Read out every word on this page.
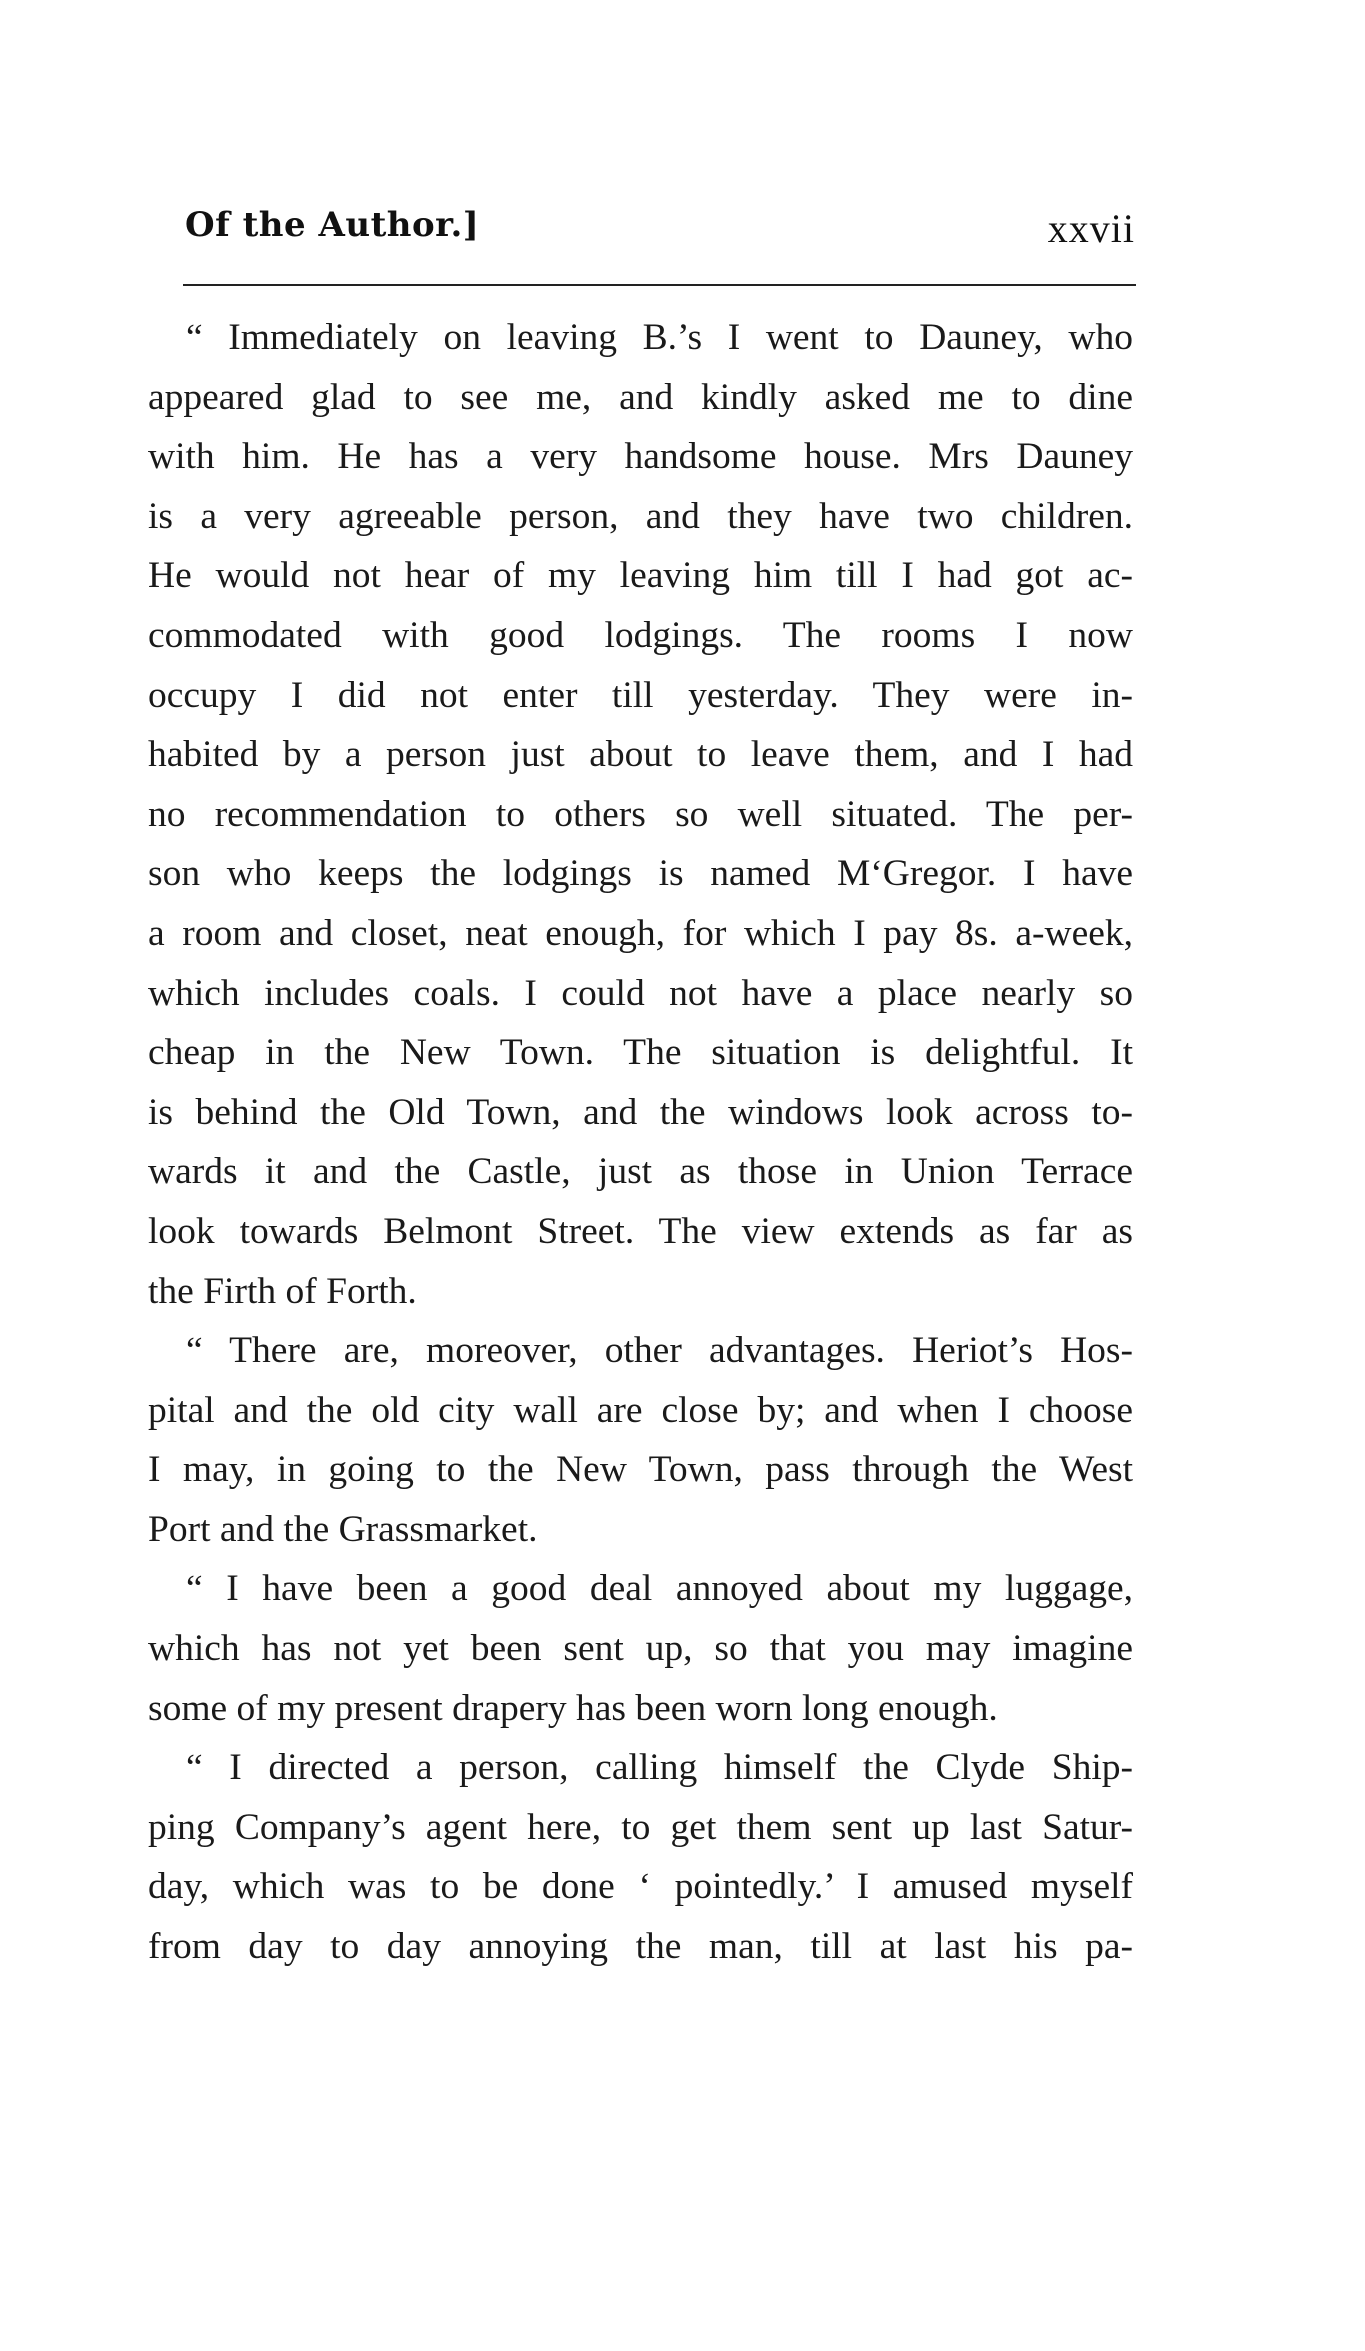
Of the Author.]	xxvii
“ Immediately on leaving B.’s I went to Dauney, who
appeared glad to see me, and kindly asked me to dine
with him. He has a very handsome house. Mrs Dauney
is a very agreeable person, and they have two children.
He would not hear of my leaving him till I had got ac-
commodated with good lodgings. The rooms I now
occupy I did not enter till yesterday. They were in-
habited by a person just about to leave them, and I had
no recommendation to others so well situated. The per-
son who keeps the lodgings is named M‘Gregor. I have
a room and closet, neat enough, for which I pay 8s. a-week,
which includes coals. I could not have a place nearly so
cheap in the New Town. The situation is delightful. It
is behind the Old Town, and the windows look across to-
wards it and the Castle, just as those in Union Terrace
look towards Belmont Street. The view extends as far as
the Firth of Forth.
“ There are, moreover, other advantages. Heriot’s Hos-
pital and the old city wall are close by; and when I choose
I may, in going to the New Town, pass through the West
Port and the Grassmarket.
“ I have been a good deal annoyed about my luggage,
which has not yet been sent up, so that you may imagine
some of my present drapery has been worn long enough.
“ I directed a person, calling himself the Clyde Ship-
ping Company’s agent here, to get them sent up last Satur-
day, which was to be done ‘ pointedly.’ I amused myself
from day to day annoying the man, till at last his pa-
